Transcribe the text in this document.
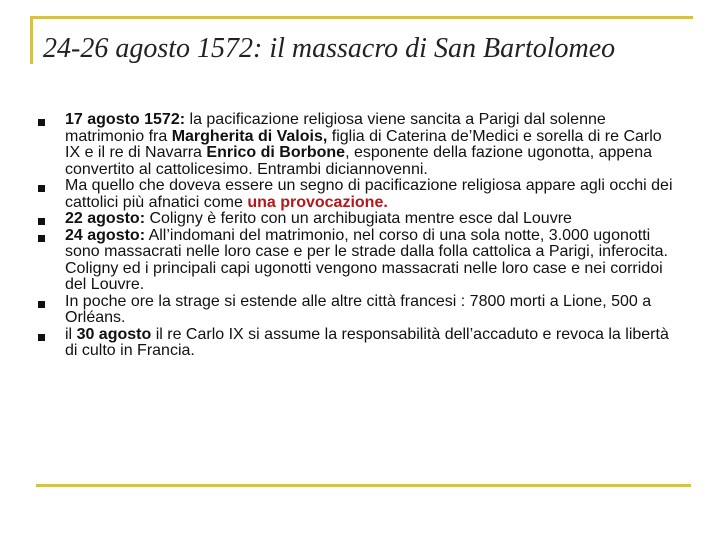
24-26 agosto 1572: il massacro di San Bartolomeo
17 agosto 1572: la pacificazione religiosa viene sancita a Parigi dal solenne matrimonio fra Margherita di Valois, figlia di Caterina de’Medici e sorella di re Carlo IX e il re di Navarra Enrico di Borbone, esponente della fazione ugonotta, appena convertito al cattolicesimo. Entrambi diciannovenni.
Ma quello che doveva essere un segno di pacificazione religiosa appare agli occhi dei cattolici più afnatici come una provocazione.
22 agosto: Coligny è ferito con un archibugiata mentre esce dal Louvre
24 agosto: All’indomani del matrimonio, nel corso di una sola notte, 3.000 ugonotti sono massacrati nelle loro case e per le strade dalla folla cattolica a Parigi, inferocita. Coligny ed i principali capi ugonotti vengono massacrati nelle loro case e nei corridoi del Louvre.
In poche ore la strage si estende alle altre città francesi : 7800 morti a Lione, 500 a Orléans.
il 30 agosto il re Carlo IX si assume la responsabilità dell’accaduto e revoca la libertà di culto in Francia.
